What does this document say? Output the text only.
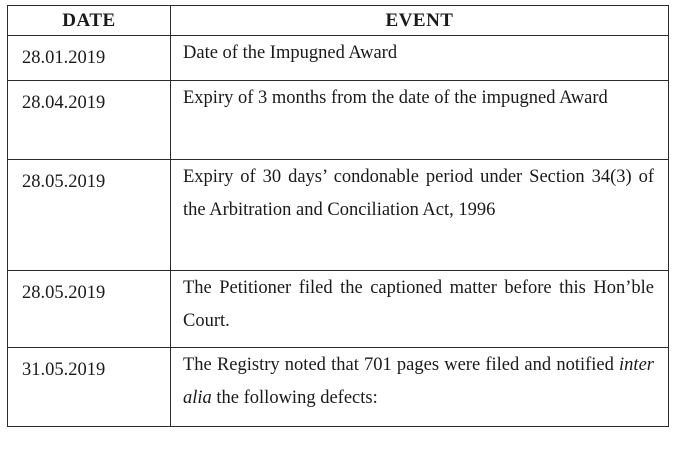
DATE	EVENT
28.01.2019	Date of the Impugned Award
28.04.2019	Expiry of 3 months from the date of the impugned Award
28.05.2019	Expiry of 30 days’ condonable period under Section 34(3) of the Arbitration and Conciliation Act, 1996
28.05.2019	The Petitioner filed the captioned matter before this Hon’ble Court.
31.05.2019	The Registry noted that 701 pages were filed and notified inter alia the following defects:
